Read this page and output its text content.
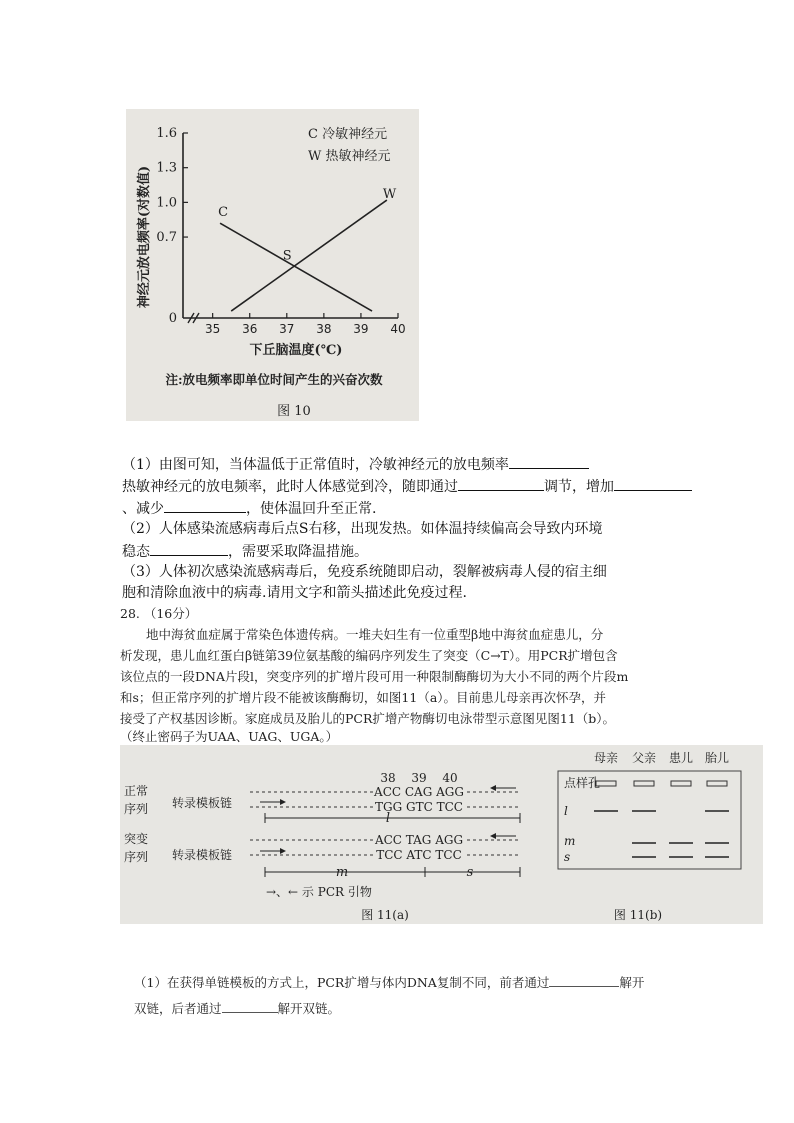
神经元放电频率(对数值)
0
0.7
1.0
1.3
1.6
35 36 37 38 39 40
C
W
S
C 冷敏神经元
W 热敏神经元
下丘脑温度(℃)
注:放电频率即单位时间产生的兴奋次数
图 10
（1）由图可知，当体温低于正常值时，冷敏神经元的放电频率
热敏神经元的放电频率，此时人体感觉到冷，随即通过	调节，增加
、减少	，使体温回升至正常.
（2）人体感染流感病毒后点S右移，出现发热。如体温持续偏高会导致内环境
稳态	，需要采取降温措施。
（3）人体初次感染流感病毒后，免疫系统随即启动，裂解被病毒人侵的宿主细
胞和清除血液中的病毒.请用文字和箭头描述此免疫过程.
28. （16分）
地中海贫血症属于常染色体遗传病。一堆夫妇生有一位重型β地中海贫血症患儿，分
析发现，患儿血红蛋白β链第39位氨基酸的编码序列发生了突变（C→T）。用PCR扩增包含
该位点的一段DNA片段l，突变序列的扩增片段可用一种限制酶酶切为大小不同的两个片段m
和s；但正常序列的扩增片段不能被该酶酶切，如图11（a）。目前患儿母亲再次怀孕，并
接受了产权基因诊断。家庭成员及胎儿的PCR扩增产物酶切电泳带型示意图见图11（b）。
（终止密码子为UAA、UAG、UGA。）
正常
序列 转录模板链
突变
序列 转录模板链
38 39 40
ACC CAG AGG
TGG GTC TCC
l
ACC TAG AGG
TCC ATC TCC
m	s
→、← 示 PCR 引物
图 11(a)
母亲 父亲 患儿 胎儿
点样孔
l
m
s
图 11(b)
（1）在获得单链模板的方式上，PCR扩增与体内DNA复制不同，前者通过	解开
双链，后者通过	解开双链。
